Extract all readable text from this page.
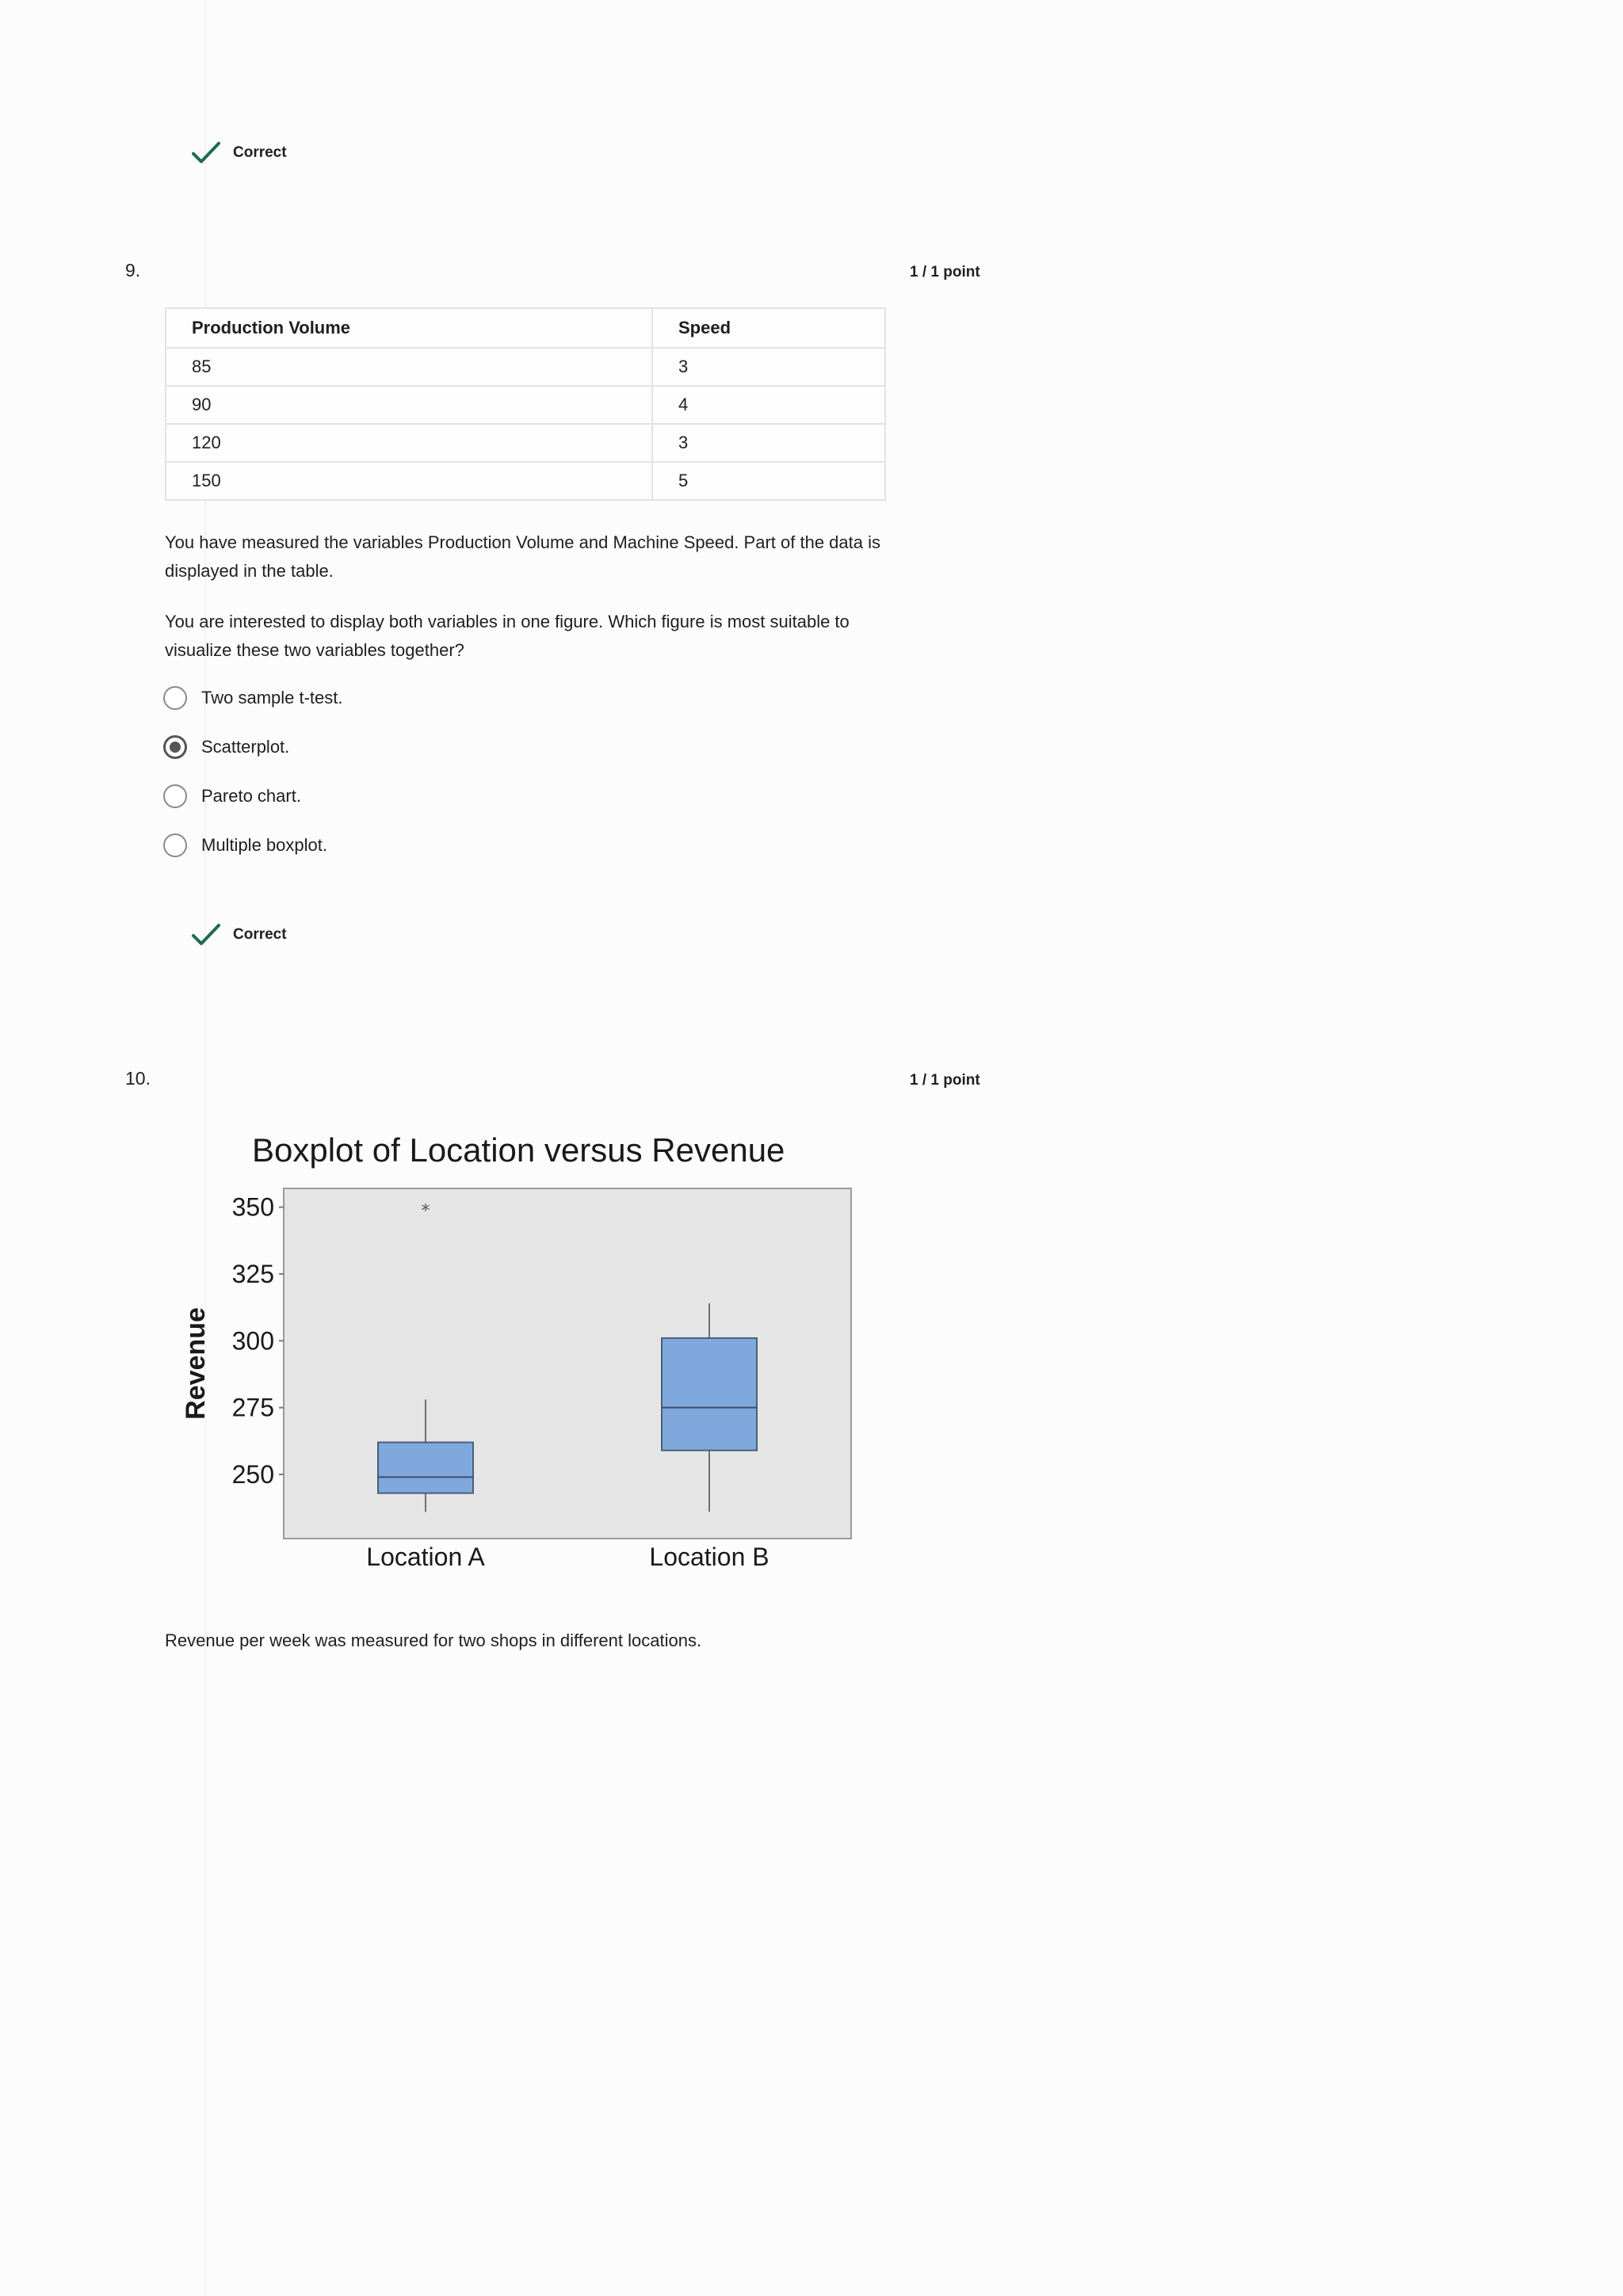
Correct
9.	1 / 1 point
Production Volume	Speed
85	3
90	4
120	3
150	5
You have measured the variables Production Volume and Machine Speed. Part of the data is displayed in the table.
You are interested to display both variables in one figure. Which figure is most suitable to visualize these two variables together?
Two sample t-test.
Scatterplot.
Pareto chart.
Multiple boxplot.
Correct
10.	1 / 1 point
Boxplot of Location versus Revenue
250
275
300
325
350
Revenue
*
Location A	Location B
Revenue per week was measured for two shops in different locations.
